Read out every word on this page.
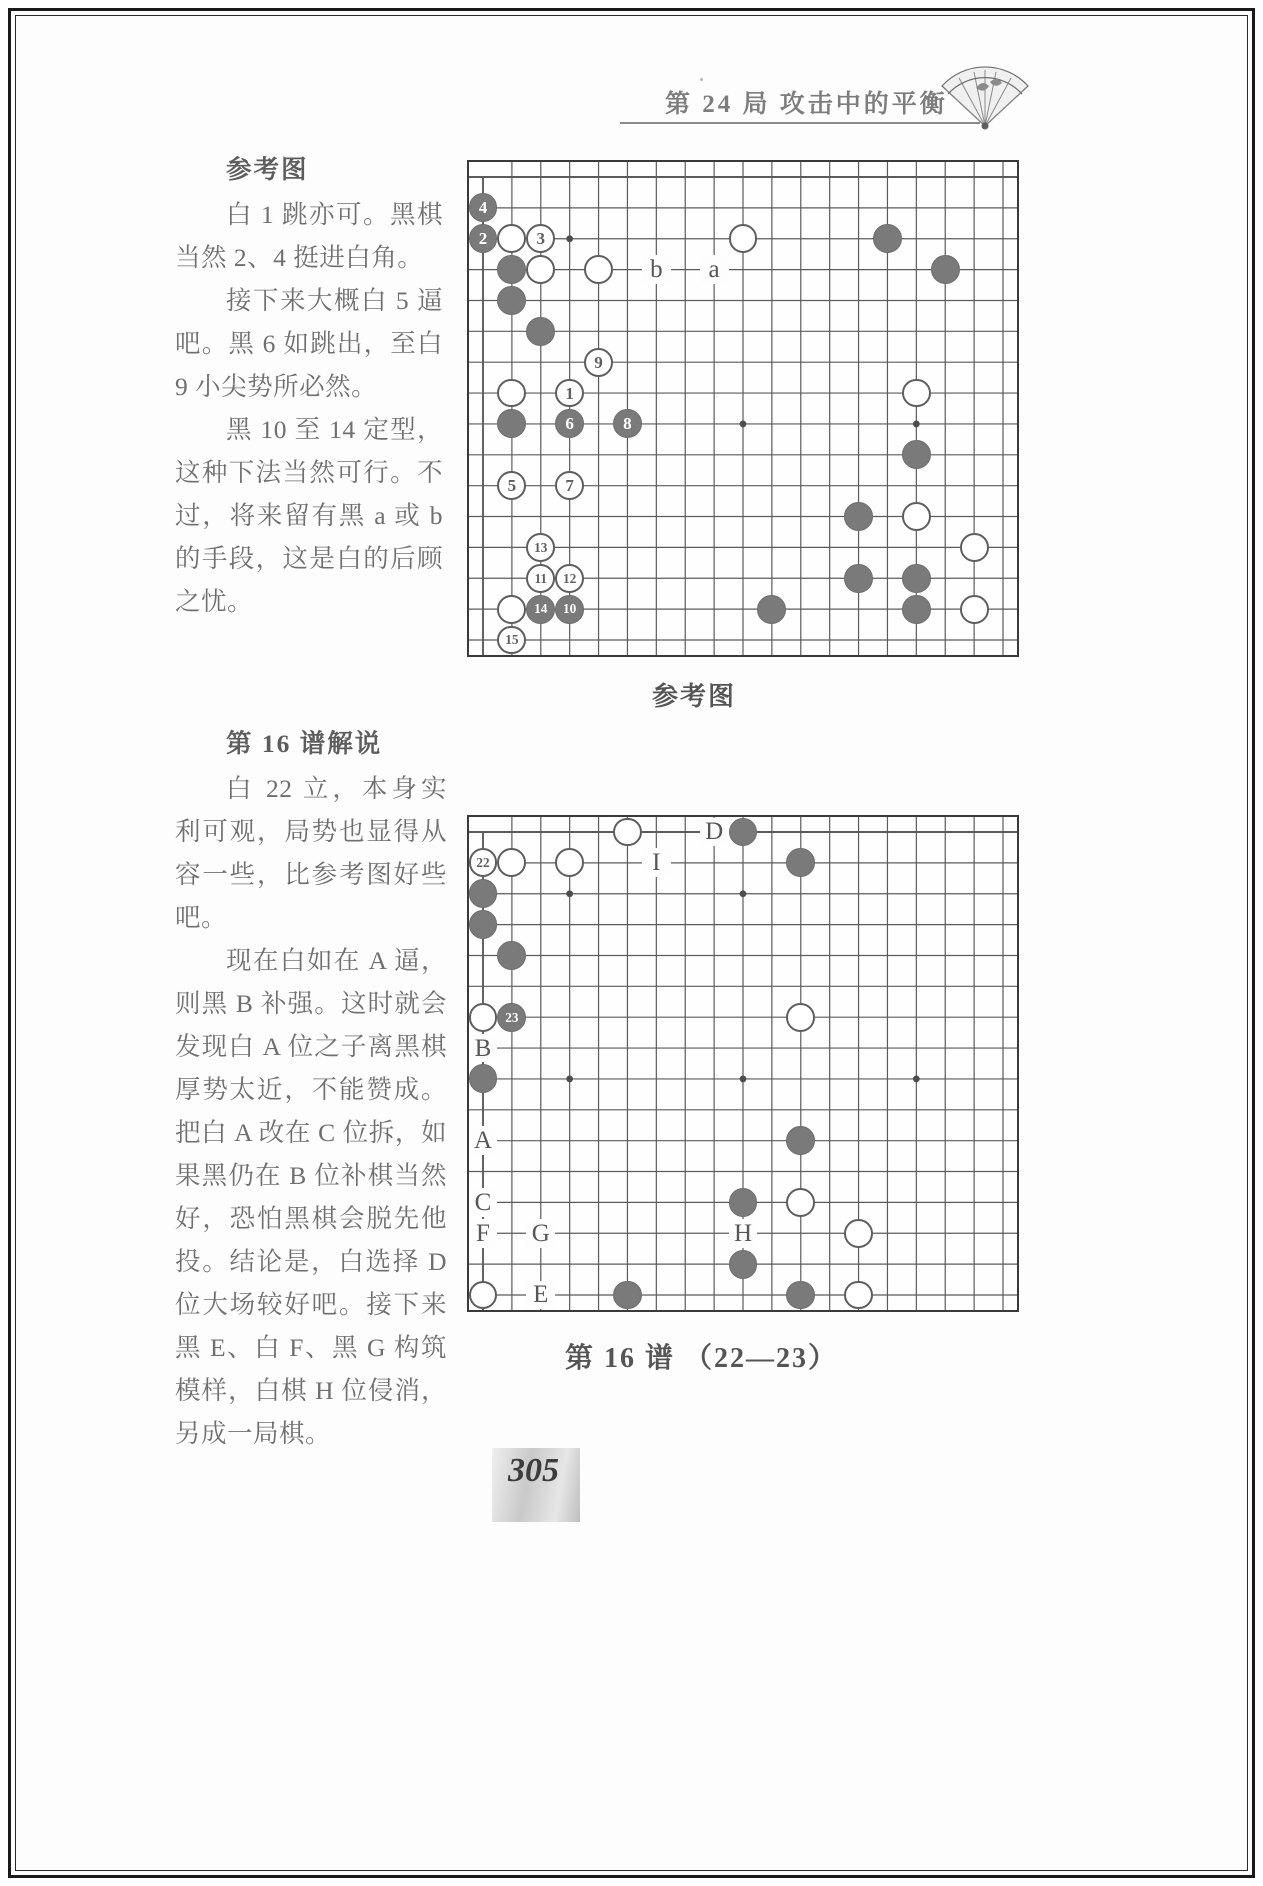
第 24 局 攻击中的平衡
参考图
白 1 跳亦可。黑棋当然 2、4 挺进白角。
接下来大概白 5 逼吧。黑 6 如跳出，至白 9 小尖势所必然。
黑 10 至 14 定型，这种下法当然可行。不过，将来留有黑 a 或 b 的手段，这是白的后顾之忧。
第 16 谱解说
白 22 立，本身实利可观，局势也显得从容一些，比参考图好些吧。
现在白如在 A 逼，则黑 B 补强。这时就会发现白 A 位之子离黑棋厚势太近，不能赞成。把白 A 改在 C 位拆，如果黑仍在 B 位补棋当然好，恐怕黑棋会脱先他投。结论是，白选择 D 位大场较好吧。接下来黑 E、白 F、黑 G 构筑模样，白棋 H 位侵消，另成一局棋。
b	a
4
2	3
9
1
6	8
5	7
13
11	12
10
14
15
参考图
I
D
B
A
C
F G	H
E
22
23
第 16 谱 （22—23）
305
